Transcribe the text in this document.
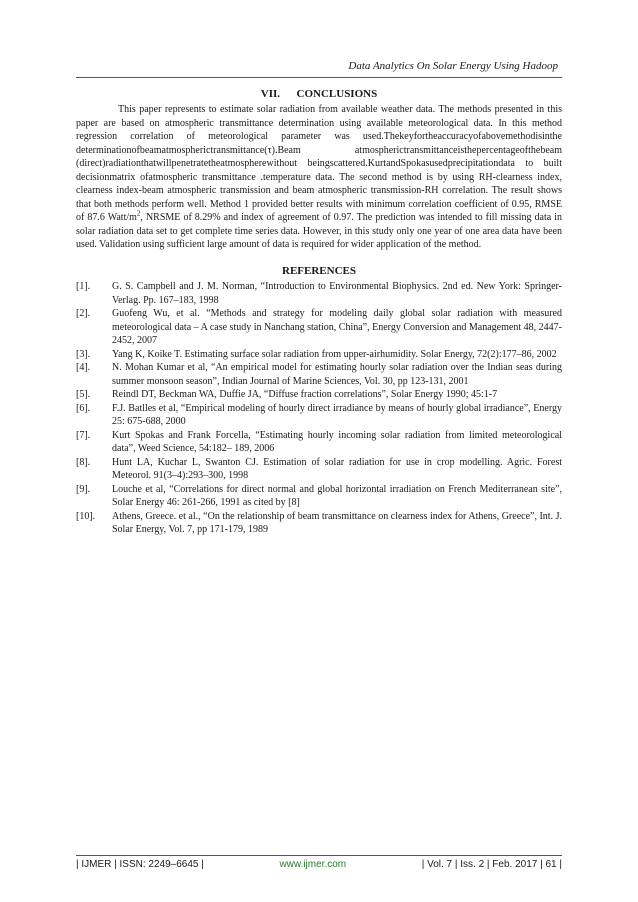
Data Analytics On Solar Energy Using Hadoop
VII.      CONCLUSIONS

This paper represents to estimate solar radiation from available weather data. The methods presented in this paper are based on atmospheric transmittance determination using available meteorological data. In this method regression correlation of meteorological parameter was used.Thekeyfortheaccuracyofabovemethodisinthe determinationofbeamatmospherictransmittance(τ).Beam atmospherictransmittanceisthepercentageofthebeam (direct)radiationthatwillpenetratetheatmospherewithout beingscattered.KurtandSpokasusedprecipitationdata to built decisionmatrix ofatmospheric transmittance .temperature data. The second method is by using RH-clearness index, clearness index-beam atmospheric transmission and beam atmospheric transmission-RH correlation. The result shows that both methods perform well. Method 1 provided better results with minimum correlation coefficient of 0.95, RMSE of 87.6 Watt/$m^2$, NRSME of 8.29% and index of agreement of 0.97. The prediction was intended to fill missing data in solar radiation data set to get complete time series data. However, in this study only one year of one area data have been used. Validation using sufficient large amount of data is required for wider application of the method.

REFERENCES
[1].	G. S. Campbell and J. M. Norman, “Introduction to Environmental Biophysics. 2nd ed. New York: Springer-Verlag. Pp. 167–183, 1998
[2].	Guofeng Wu, et al. “Methods and strategy for modeling daily global solar radiation with measured meteorological data – A case study in Nanchang station, China”, Energy Conversion and Management 48, 2447-2452, 2007
[3].	Yang K, Koike T. Estimating surface solar radiation from upper-airhumidity. Solar Energy, 72(2):177–86, 2002
[4].	N. Mohan Kumar et al, “An empirical model for estimating hourly solar radiation over the Indian seas during summer monsoon season”, Indian Journal of Marine Sciences, Vol. 30, pp 123-131, 2001
[5].	Reindl DT, Beckman WA, Duffie JA, “Diffuse fraction correlations”, Solar Energy 1990; 45:1-7
[6].	F.J. Batlles et al, “Empirical modeling of hourly direct irradiance by means of hourly global irradiance”, Energy 25: 675-688, 2000
[7].	Kurt Spokas and Frank Forcella, “Estimating hourly incoming solar radiation from limited meteorological data”, Weed Science, 54:182– 189, 2006
[8].	Hunt LA, Kuchar L, Swanton CJ. Estimation of solar radiation for use in crop modelling. Agric. Forest Meteorol. 91(3–4):293–300, 1998
[9].	Louche et al, “Correlations for direct normal and global horizontal irradiation on French Mediterranean site”, Solar Energy 46: 261-266, 1991 as cited by [8]
[10].	Athens, Greece. et al., “On the relationship of beam transmittance on clearness index for Athens, Greece”, Int. J. Solar Energy, Vol. 7, pp 171-179, 1989
| IJMER | ISSN: 2249–6645 |	www.ijmer.com	| Vol. 7 | Iss. 2 | Feb. 2017 | 61 |
